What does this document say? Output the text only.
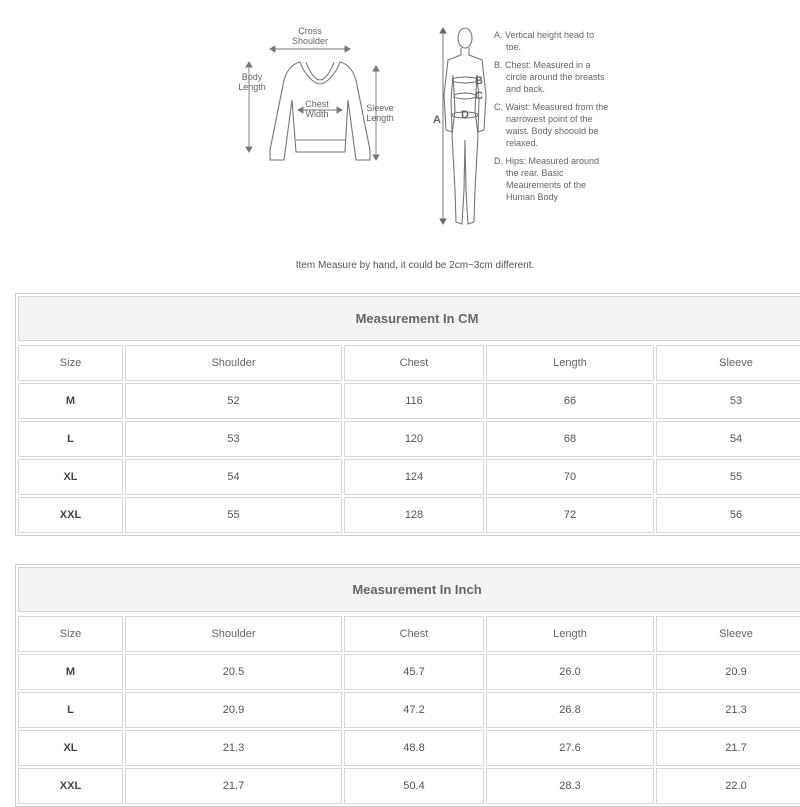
Cross
Shoulder
Body
Length
Chest
Width
Sleeve
Length	A
B
C
D
A. Vertical height head to toe.
B. Chest: Measured in a circle around the breasts and back.
C. Waist: Measured from the narrowest point of the waist. Body shoould be relaxed.
D. Hips: Measured around the rear. Basic Meaurements of the Human Body
Item Measure by hand, it could be 2cm~3cm different.
Measurement In CM
Size	Shoulder	Chest	Length	Sleeve
M	52	116	66	53
L	53	120	68	54
XL	54	124	70	55
XXL	55	128	72	56
Measurement In Inch
Size	Shoulder	Chest	Length	Sleeve
M	20.5	45.7	26.0	20.9
L	20.9	47.2	26.8	21.3
XL	21.3	48.8	27.6	21.7
XXL	21.7	50.4	28.3	22.0
